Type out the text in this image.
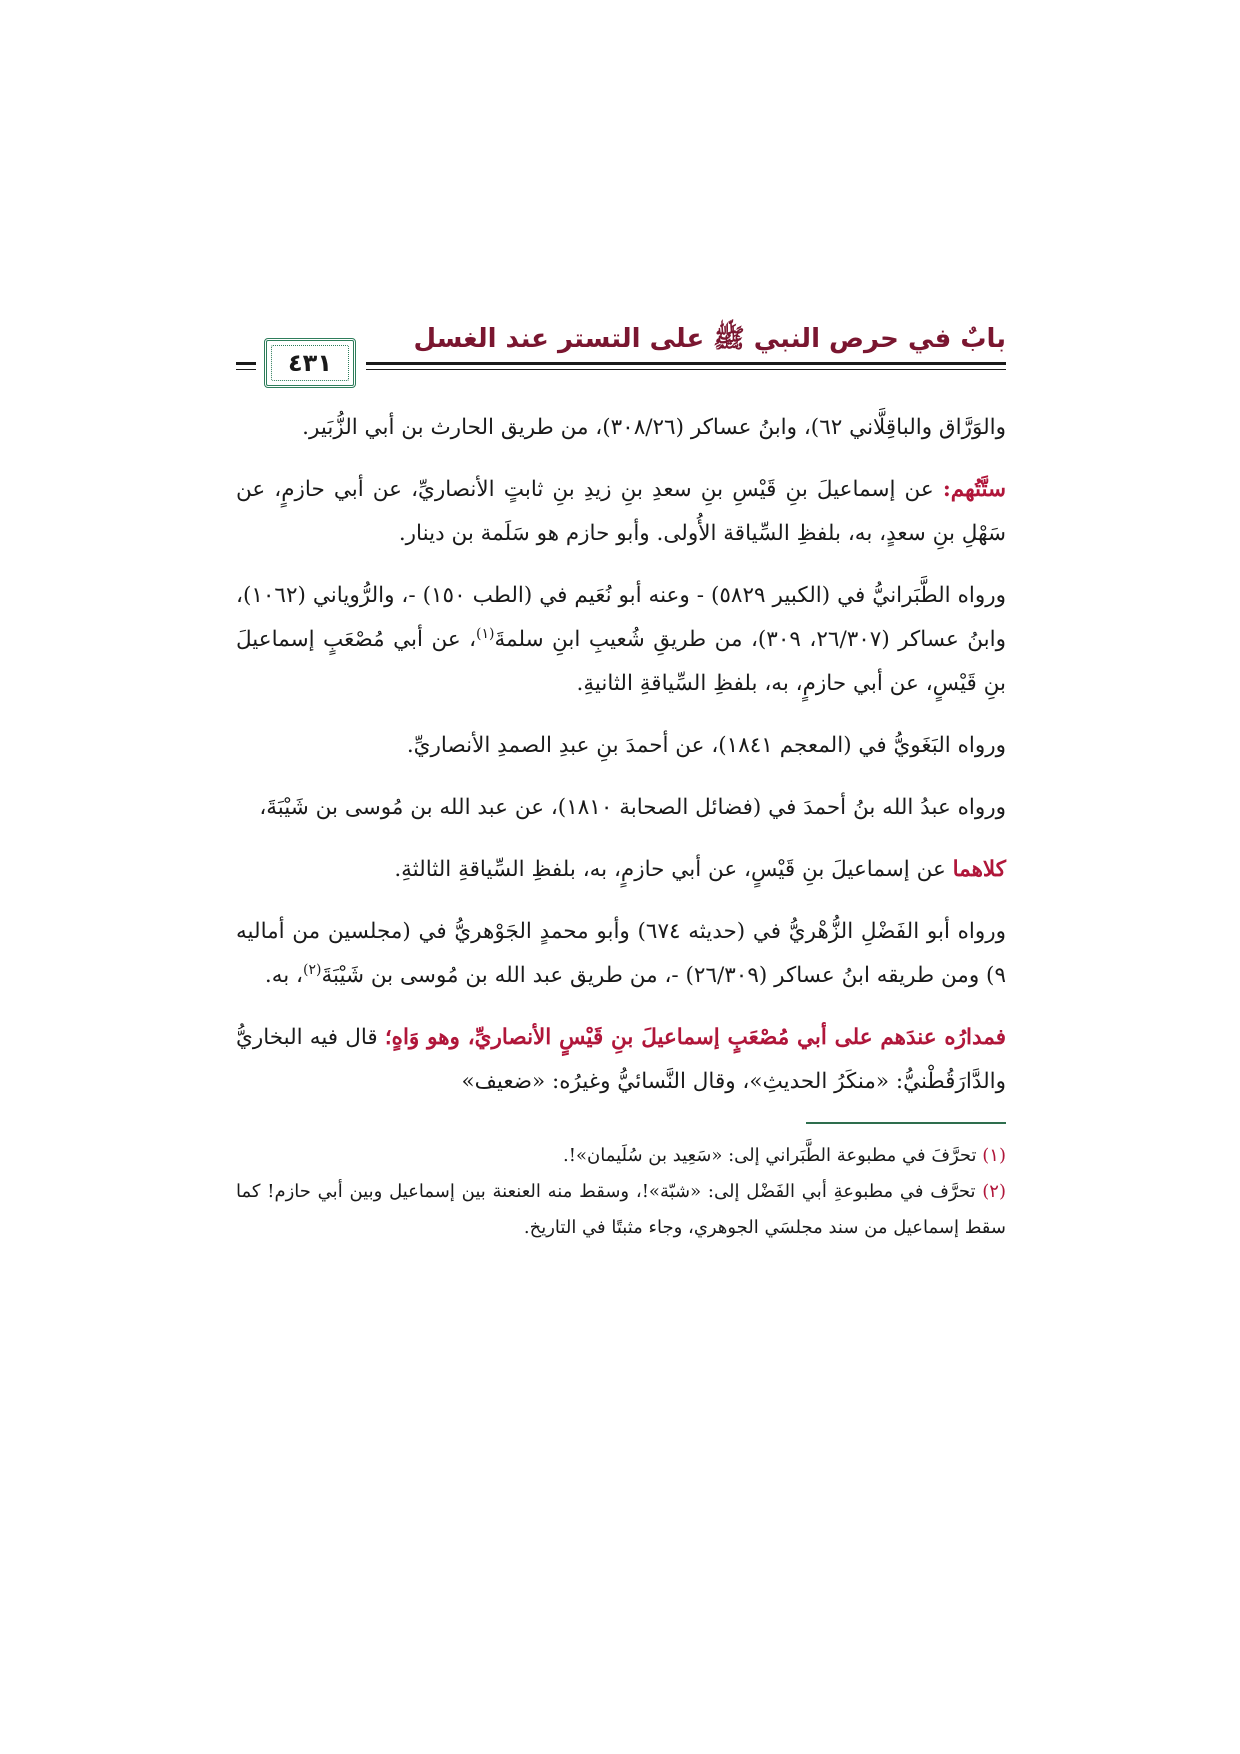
بابٌ في حرص النبي ﷺ على التستر عند الغسل
٤٣١

والوَرَّاق والباقِلَّاني ٦٢)، وابنُ عساكر (٣٠٨/٢٦)، من طريق الحارث بن أبي الزُّبَير.

ستَّتُهم: عن إسماعيلَ بنِ قَيْسِ بنِ سعدِ بنِ زيدِ بنِ ثابتٍ الأنصاريِّ، عن أبي حازمٍ، عن سَهْلِ بنِ سعدٍ، به، بلفظِ السِّياقة الأُولى. وأبو حازم هو سَلَمة بن دينار.

ورواه الطَّبَرانيُّ في (الكبير ٥٨٢٩) - وعنه أبو نُعَيم في (الطب ١٥٠) -، والرُّوياني (١٠٦٢)، وابنُ عساكر (٢٦/٣٠٧، ٣٠٩)، من طريقِ شُعيبِ ابنِ سلمةَ$^{(١)}$، عن أبي مُصْعَبٍ إسماعيلَ بنِ قَيْسٍ، عن أبي حازمٍ، به، بلفظِ السِّياقةِ الثانيةِ.

ورواه البَغَويُّ في (المعجم ١٨٤١)، عن أحمدَ بنِ عبدِ الصمدِ الأنصاريِّ.

ورواه عبدُ الله بنُ أحمدَ في (فضائل الصحابة ١٨١٠)، عن عبد الله بن مُوسى بن شَيْبَةَ،

كلاهما عن إسماعيلَ بنِ قَيْسٍ، عن أبي حازمٍ، به، بلفظِ السِّياقةِ الثالثةِ.

ورواه أبو الفَضْلِ الزُّهْريُّ في (حديثه ٦٧٤) وأبو محمدٍ الجَوْهريُّ في (مجلسين من أماليه ٩) ومن طريقه ابنُ عساكر (٢٦/٣٠٩) -، من طريق عبد الله بن مُوسى بن شَيْبَةَ$^{(٢)}$، به.

فمدارُه عندَهم على أبي مُصْعَبٍ إسماعيلَ بنِ قَيْسٍ الأنصاريِّ، وهو وَاهٍ؛ قال فيه البخاريُّ والدَّارَقُطْنيُّ: «منكَرُ الحديثِ»، وقال النَّسائيُّ وغيرُه: «ضعيف»

(١) تحرَّفَ في مطبوعة الطَّبَراني إلى: «سَعِيد بن سُلَيمان»!.

(٢) تحرَّف في مطبوعةِ أبي الفَضْل إلى: «شبّة»!، وسقط منه العنعنة بين إسماعيل وبين أبي حازم! كما سقط إسماعيل من سند مجلسَي الجوهري، وجاء مثبتًا في التاريخ.
